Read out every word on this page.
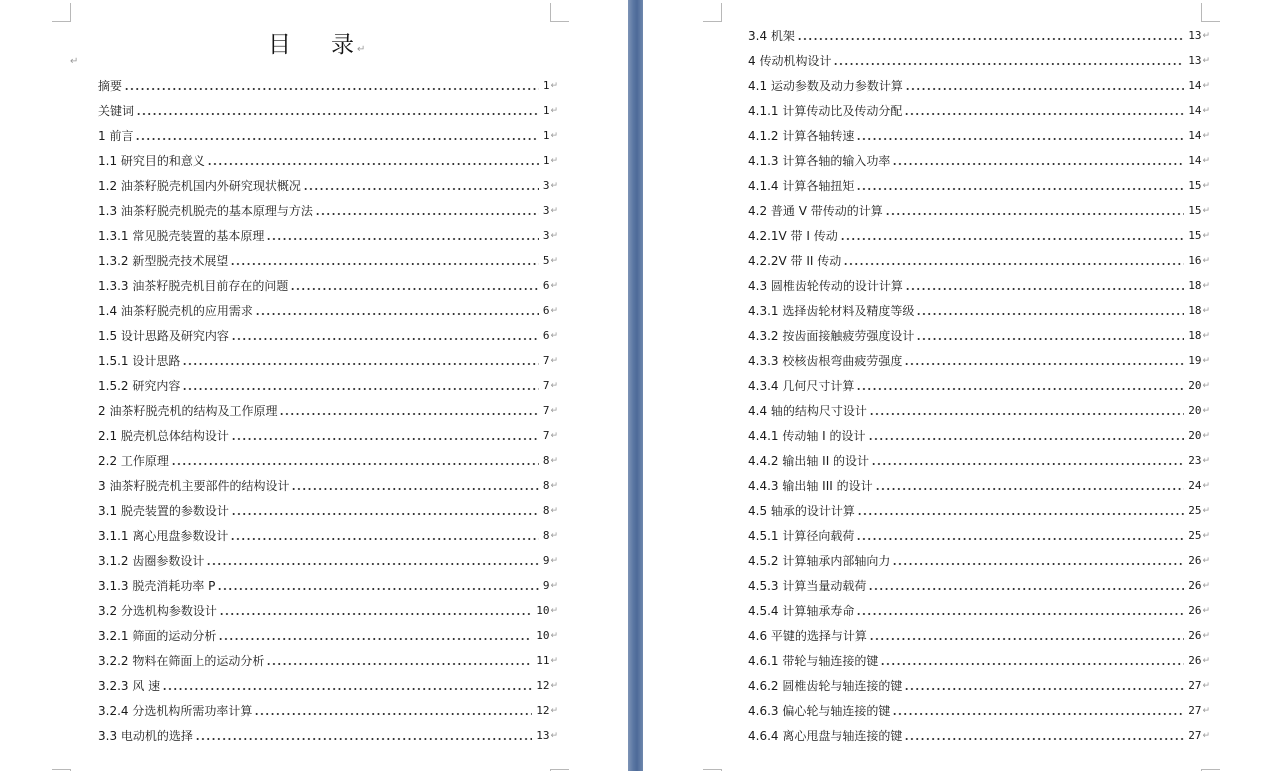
目 录↵
↵
摘要	1 ↵
关键词	1 ↵
1 前言	1 ↵
1.1 研究目的和意义	1 ↵
1.2 油茶籽脱壳机国内外研究现状概况	3 ↵
1.3 油茶籽脱壳机脱壳的基本原理与方法	3 ↵
1.3.1 常见脱壳装置的基本原理	3 ↵
1.3.2 新型脱壳技术展望	5 ↵
1.3.3 油茶籽脱壳机目前存在的问题	6 ↵
1.4 油茶籽脱壳机的应用需求	6 ↵
1.5 设计思路及研究内容	6 ↵
1.5.1 设计思路	7 ↵
1.5.2 研究内容	7 ↵
2 油茶籽脱壳机的结构及工作原理	7 ↵
2.1 脱壳机总体结构设计	7 ↵
2.2 工作原理	8 ↵
3 油茶籽脱壳机主要部件的结构设计	8 ↵
3.1 脱壳装置的参数设计	8 ↵
3.1.1 离心甩盘参数设计	8 ↵
3.1.2 齿圈参数设计	9 ↵
3.1.3 脱壳消耗功率 P	9 ↵
3.2 分选机构参数设计	10 ↵
3.2.1 筛面的运动分析	10 ↵
3.2.2 物料在筛面上的运动分析	11 ↵
3.2.3 风 速	12 ↵
3.2.4 分选机构所需功率计算	12 ↵
3.3 电动机的选择	13 ↵
3.4 机架	13 ↵
4 传动机构设计	13 ↵
4.1 运动参数及动力参数计算	14 ↵
4.1.1 计算传动比及传动分配	14 ↵
4.1.2 计算各轴转速	14 ↵
4.1.3 计算各轴的输入功率	14 ↵
4.1.4 计算各轴扭矩	15 ↵
4.2 普通 V 带传动的计算	15 ↵
4.2.1V 带 I 传动	15 ↵
4.2.2V 带 II 传动	16 ↵
4.3 圆椎齿轮传动的设计计算	18 ↵
4.3.1 选择齿轮材料及精度等级	18 ↵
4.3.2 按齿面接触疲劳强度设计	18 ↵
4.3.3 校核齿根弯曲疲劳强度	19 ↵
4.3.4 几何尺寸计算	20 ↵
4.4 轴的结构尺寸设计	20 ↵
4.4.1 传动轴 I 的设计	20 ↵
4.4.2 输出轴 II 的设计	23 ↵
4.4.3 输出轴 III 的设计	24 ↵
4.5 轴承的设计计算	25 ↵
4.5.1 计算径向载荷	25 ↵
4.5.2 计算轴承内部轴向力	26 ↵
4.5.3 计算当量动载荷	26 ↵
4.5.4 计算轴承寿命	26 ↵
4.6 平键的选择与计算	26 ↵
4.6.1 带轮与轴连接的键	26 ↵
4.6.2 圆椎齿轮与轴连接的键	27 ↵
4.6.3 偏心轮与轴连接的键	27 ↵
4.6.4 离心甩盘与轴连接的键	27 ↵
